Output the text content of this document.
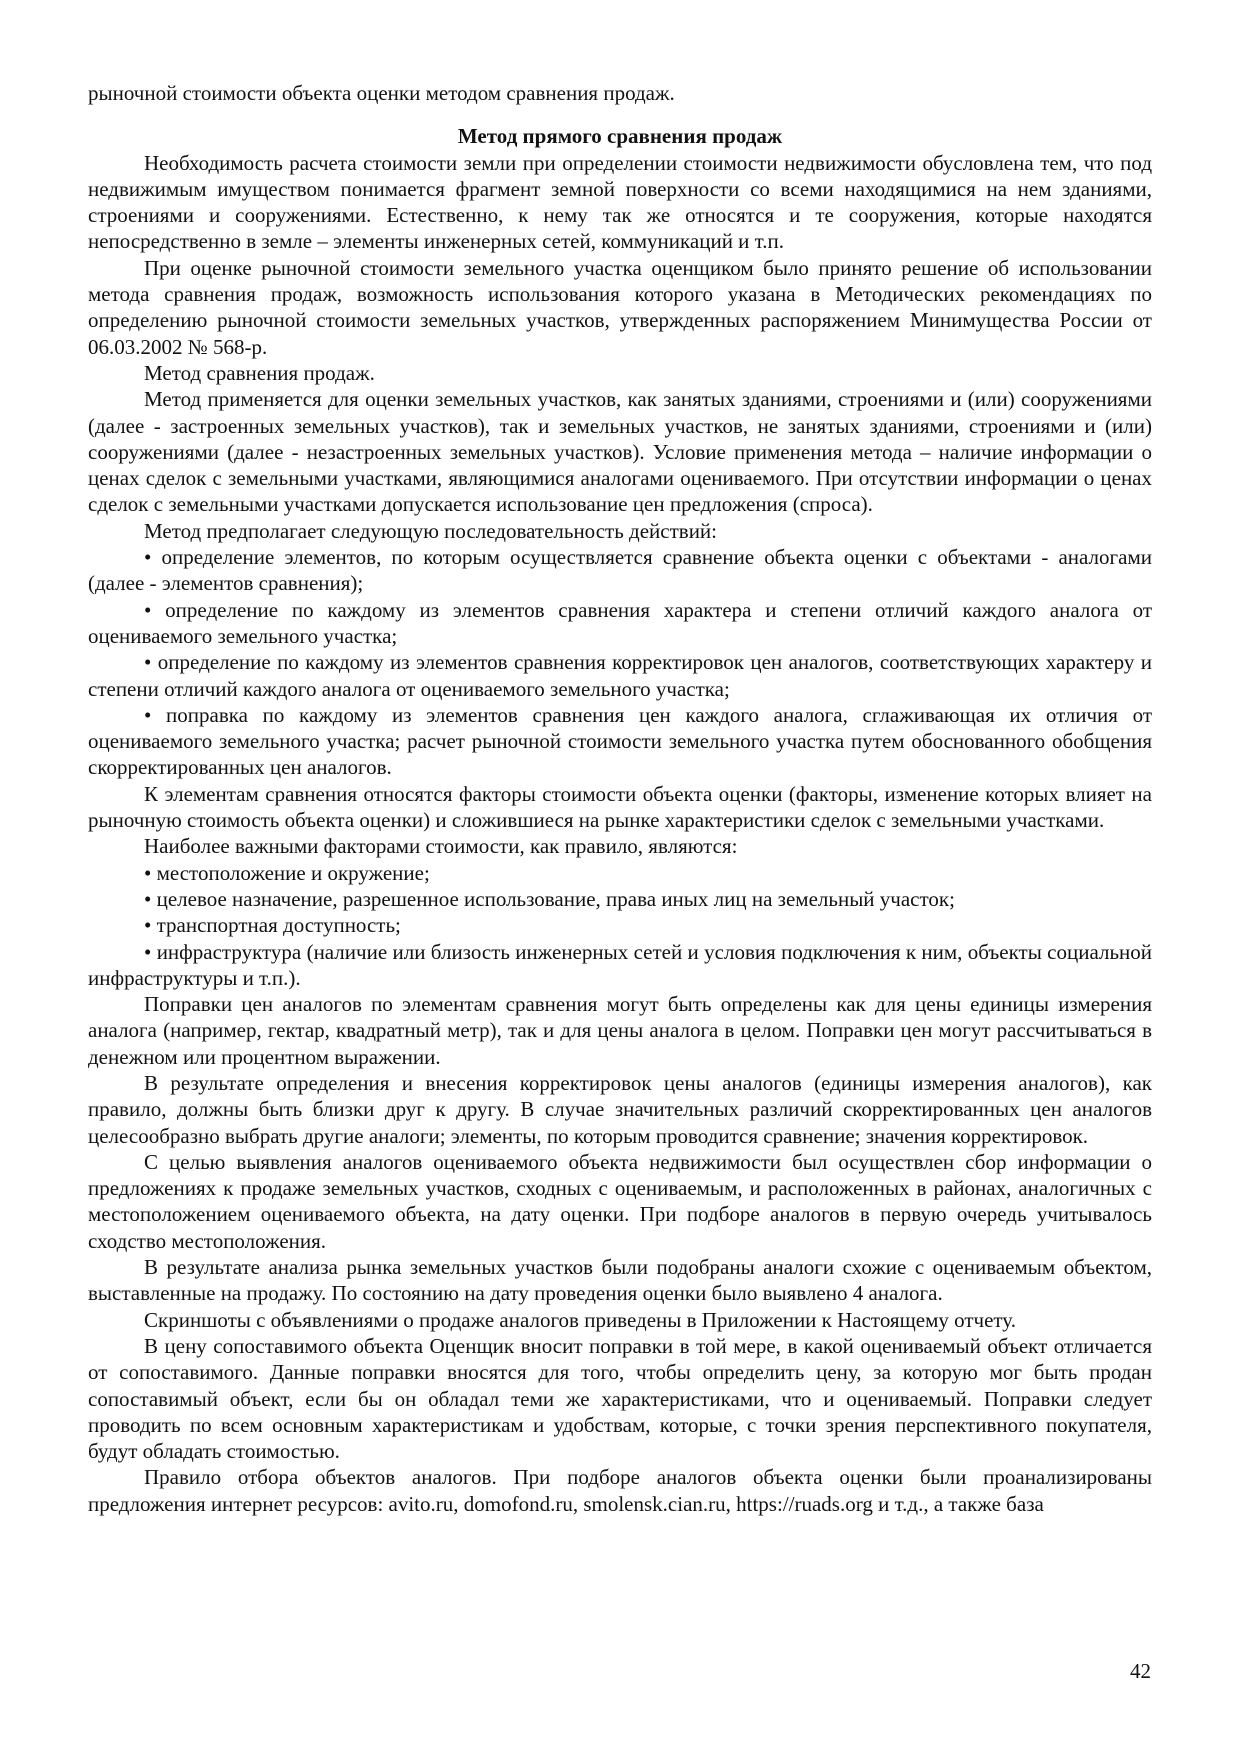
рыночной стоимости объекта оценки методом сравнения продаж.

Метод прямого сравнения продаж

Необходимость расчета стоимости земли при определении стоимости недвижимости обусловлена тем, что под недвижимым имуществом понимается фрагмент земной поверхности со всеми находящимися на нем зданиями, строениями и сооружениями. Естественно, к нему так же относятся и те сооружения, которые находятся непосредственно в земле – элементы инженерных сетей, коммуникаций и т.п.

При оценке рыночной стоимости земельного участка оценщиком было принято решение об использовании метода сравнения продаж, возможность использования которого указана в Методических рекомендациях по определению рыночной стоимости земельных участков, утвержденных распоряжением Минимущества России от 06.03.2002 № 568-р.

Метод сравнения продаж.

Метод применяется для оценки земельных участков, как занятых зданиями, строениями и (или) сооружениями (далее - застроенных земельных участков), так и земельных участков, не занятых зданиями, строениями и (или) сооружениями (далее - незастроенных земельных участков). Условие применения метода – наличие информации о ценах сделок с земельными участками, являющимися аналогами оцениваемого. При отсутствии информации о ценах сделок с земельными участками допускается использование цен предложения (спроса).

Метод предполагает следующую последовательность действий:

• определение элементов, по которым осуществляется сравнение объекта оценки с объектами - аналогами (далее - элементов сравнения);

• определение по каждому из элементов сравнения характера и степени отличий каждого аналога от оцениваемого земельного участка;

• определение по каждому из элементов сравнения корректировок цен аналогов, соответствующих характеру и степени отличий каждого аналога от оцениваемого земельного участка;

• поправка по каждому из элементов сравнения цен каждого аналога, сглаживающая их отличия от оцениваемого земельного участка; расчет рыночной стоимости земельного участка путем обоснованного обобщения скорректированных цен аналогов.

К элементам сравнения относятся факторы стоимости объекта оценки (факторы, изменение которых влияет на рыночную стоимость объекта оценки) и сложившиеся на рынке характеристики сделок с земельными участками.

Наиболее важными факторами стоимости, как правило, являются:

• местоположение и окружение;

• целевое назначение, разрешенное использование, права иных лиц на земельный участок;

• транспортная доступность;

• инфраструктура (наличие или близость инженерных сетей и условия подключения к ним, объекты социальной инфраструктуры и т.п.).

Поправки цен аналогов по элементам сравнения могут быть определены как для цены единицы измерения аналога (например, гектар, квадратный метр), так и для цены аналога в целом. Поправки цен могут рассчитываться в денежном или процентном выражении.

В результате определения и внесения корректировок цены аналогов (единицы измерения аналогов), как правило, должны быть близки друг к другу. В случае значительных различий скорректированных цен аналогов целесообразно выбрать другие аналоги; элементы, по которым проводится сравнение; значения корректировок.

С целью выявления аналогов оцениваемого объекта недвижимости был осуществлен сбор информации о предложениях к продаже земельных участков, сходных с оцениваемым, и расположенных в районах, аналогичных с местоположением оцениваемого объекта, на дату оценки. При подборе аналогов в первую очередь учитывалось сходство местоположения.

В результате анализа рынка земельных участков были подобраны аналоги схожие с оцениваемым объектом, выставленные на продажу. По состоянию на дату проведения оценки было выявлено 4 аналога.

Скриншоты с объявлениями о продаже аналогов приведены в Приложении к Настоящему отчету.

В цену сопоставимого объекта Оценщик вносит поправки в той мере, в какой оцениваемый объект отличается от сопоставимого. Данные поправки вносятся для того, чтобы определить цену, за которую мог быть продан сопоставимый объект, если бы он обладал теми же характеристиками, что и оцениваемый. Поправки следует проводить по всем основным характеристикам и удобствам, которые, с точки зрения перспективного покупателя, будут обладать стоимостью.

Правило отбора объектов аналогов. При подборе аналогов объекта оценки были проанализированы предложения интернет ресурсов: avito.ru, domofond.ru, smolensk.cian.ru, https://ruads.org и т.д., а также база

42
